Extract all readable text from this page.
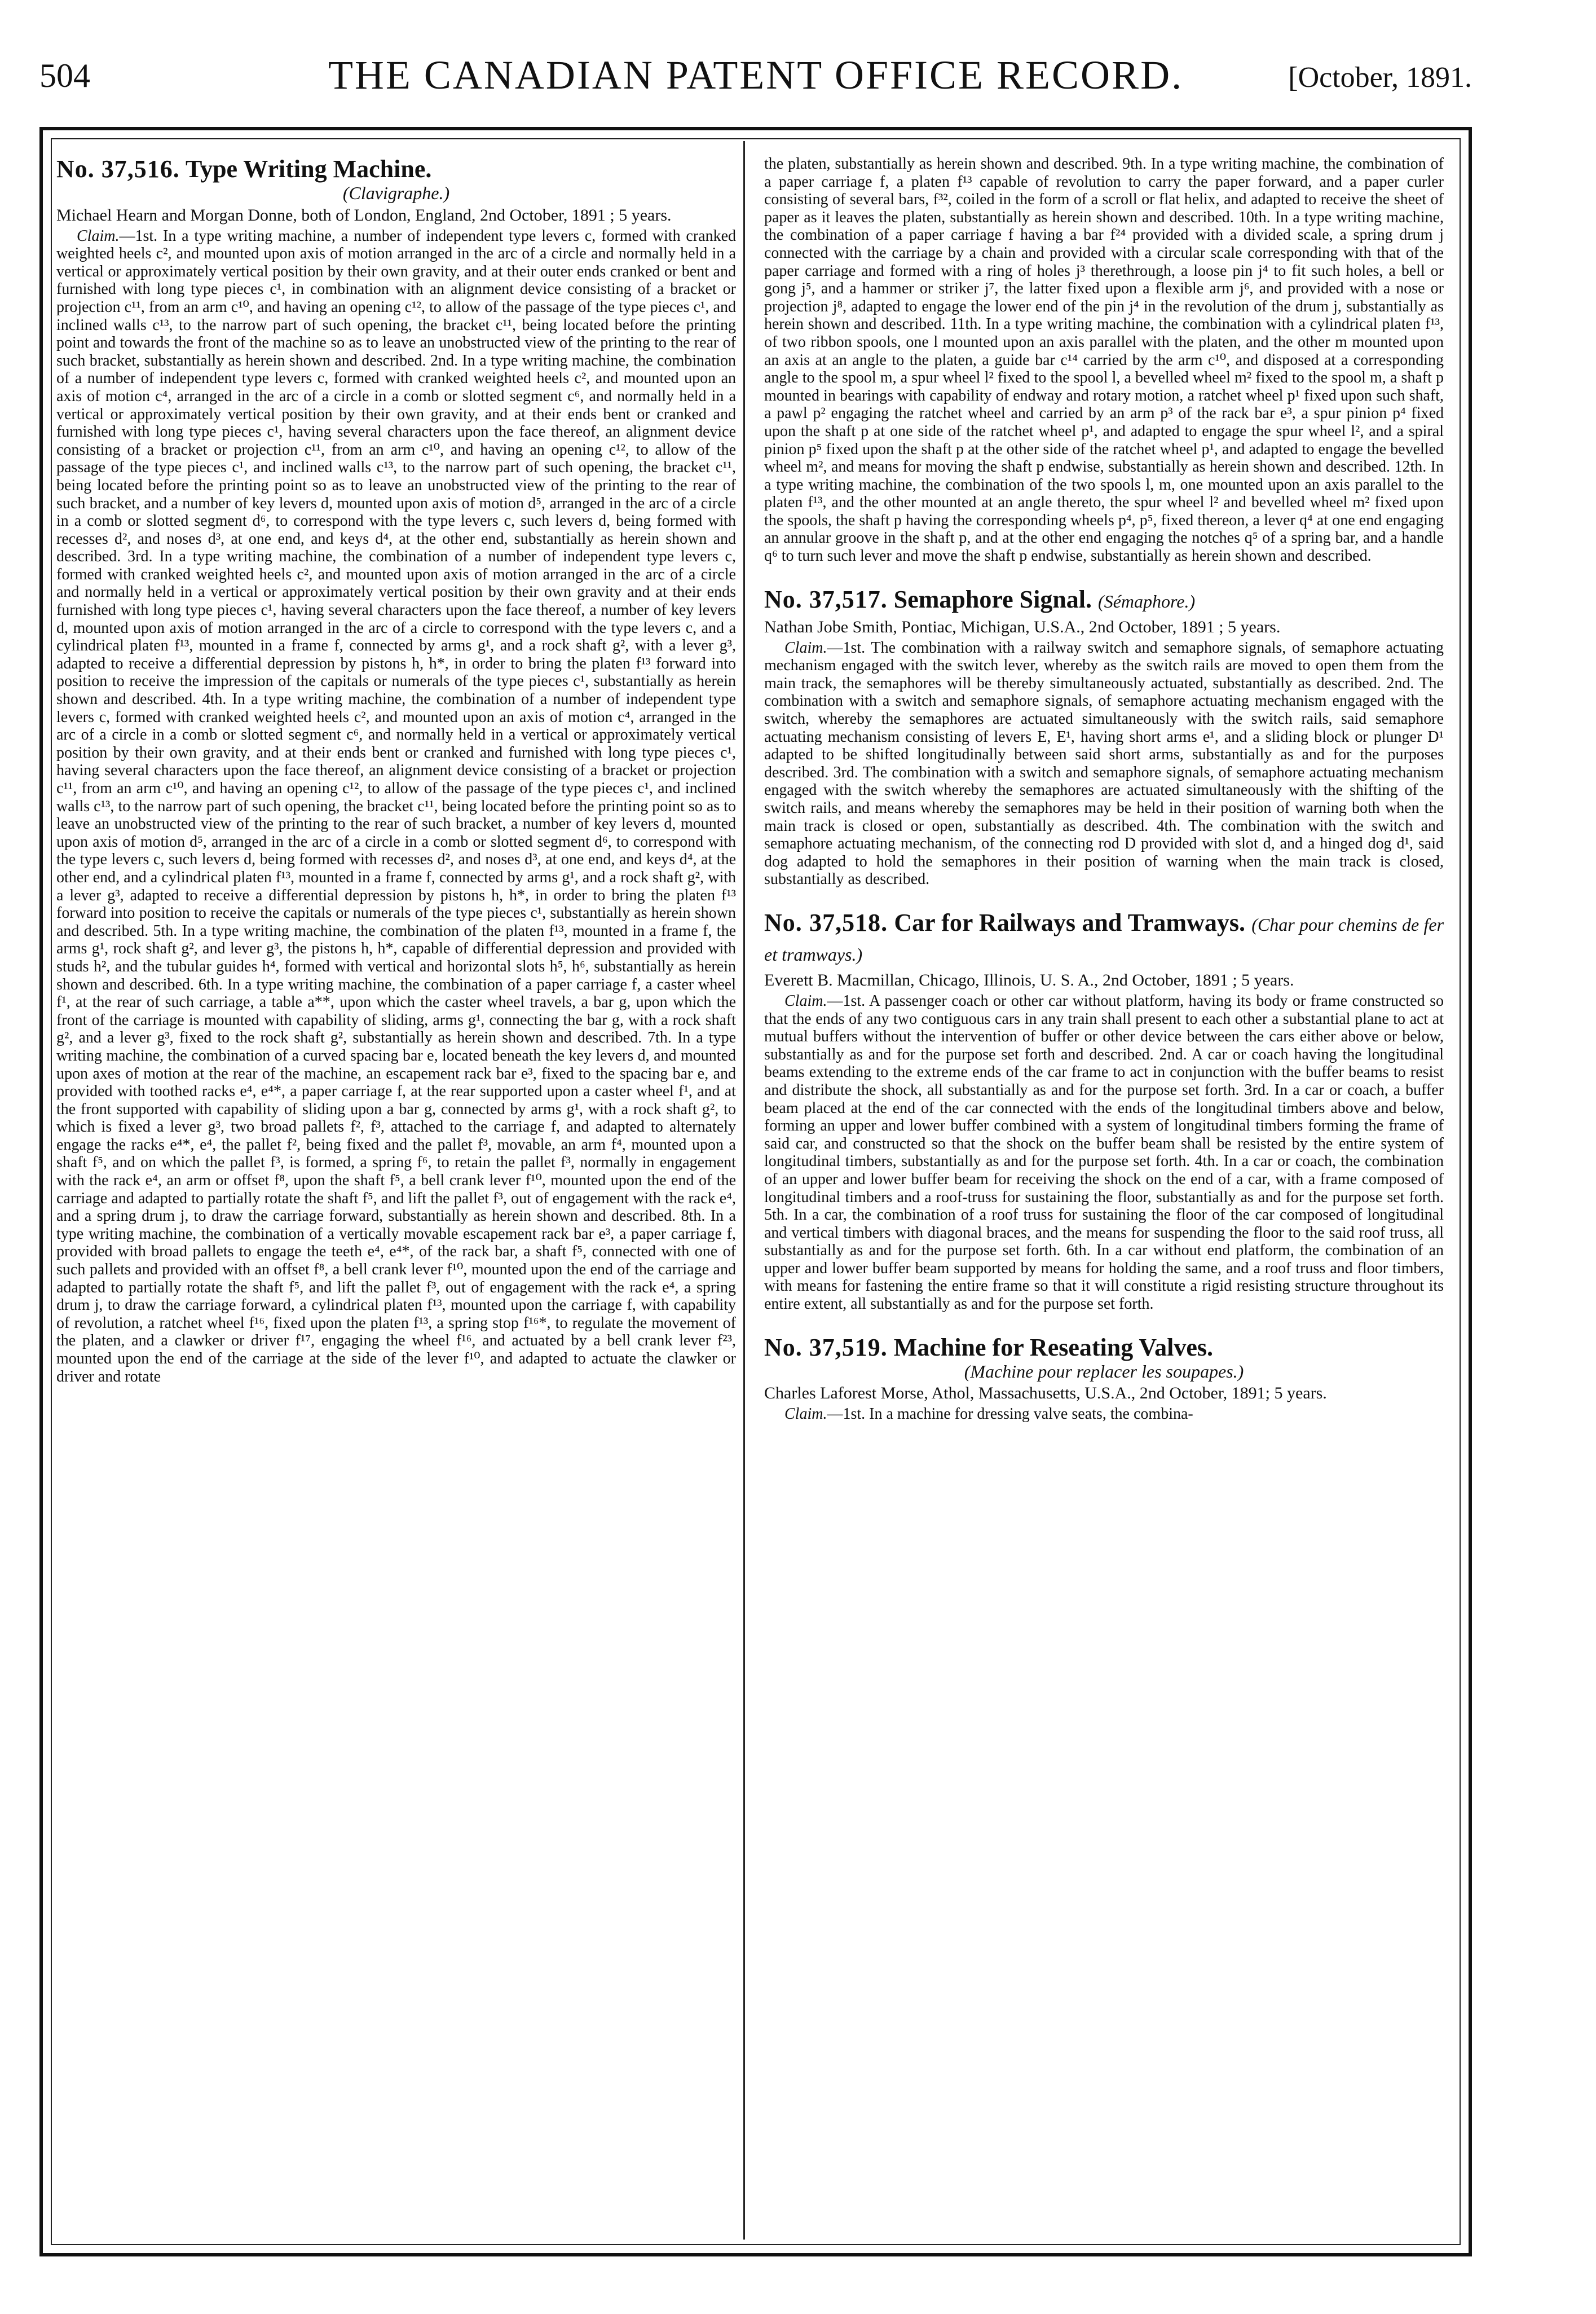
504	THE CANADIAN PATENT OFFICE RECORD.	[October, 1891.

No. 37,516. Type Writing Machine.

(Clavigraphe.)

Michael Hearn and Morgan Donne, both of London, England, 2nd October, 1891 ; 5 years.

Claim.—1st. In a type writing machine, a number of independent type levers c, formed with cranked weighted heels c², and mounted upon axis of motion arranged in the arc of a circle and normally held in a vertical or approximately vertical position by their own gravity, and at their outer ends cranked or bent and furnished with long type pieces c¹, in combination with an alignment device consisting of a bracket or projection c¹¹, from an arm c¹⁰, and having an opening c¹², to allow of the passage of the type pieces c¹, and inclined walls c¹³, to the narrow part of such opening, the bracket c¹¹, being located before the printing point and towards the front of the machine so as to leave an unobstructed view of the printing to the rear of such bracket, substantially as herein shown and described. 2nd. In a type writing machine, the combination of a number of independent type levers c, formed with cranked weighted heels c², and mounted upon an axis of motion c⁴, arranged in the arc of a circle in a comb or slotted segment c⁶, and normally held in a vertical or approximately vertical position by their own gravity, and at their ends bent or cranked and furnished with long type pieces c¹, having several characters upon the face thereof, an alignment device consisting of a bracket or projection c¹¹, from an arm c¹⁰, and having an opening c¹², to allow of the passage of the type pieces c¹, and inclined walls c¹³, to the narrow part of such opening, the bracket c¹¹, being located before the printing point so as to leave an unobstructed view of the printing to the rear of such bracket, and a number of key levers d, mounted upon axis of motion d⁵, arranged in the arc of a circle in a comb or slotted segment d⁶, to correspond with the type levers c, such levers d, being formed with recesses d², and noses d³, at one end, and keys d⁴, at the other end, substantially as herein shown and described. 3rd. In a type writing machine, the combination of a number of independent type levers c, formed with cranked weighted heels c², and mounted upon axis of motion arranged in the arc of a circle and normally held in a vertical or approximately vertical position by their own gravity and at their ends furnished with long type pieces c¹, having several characters upon the face thereof, a number of key levers d, mounted upon axis of motion arranged in the arc of a circle to correspond with the type levers c, and a cylindrical platen f¹³, mounted in a frame f, connected by arms g¹, and a rock shaft g², with a lever g³, adapted to receive a differential depression by pistons h, h*, in order to bring the platen f¹³ forward into position to receive the impression of the capitals or numerals of the type pieces c¹, substantially as herein shown and described. 4th. In a type writing machine, the combination of a number of independent type levers c, formed with cranked weighted heels c², and mounted upon an axis of motion c⁴, arranged in the arc of a circle in a comb or slotted segment c⁶, and normally held in a vertical or approximately vertical position by their own gravity, and at their ends bent or cranked and furnished with long type pieces c¹, having several characters upon the face thereof, an alignment device consisting of a bracket or projection c¹¹, from an arm c¹⁰, and having an opening c¹², to allow of the passage of the type pieces c¹, and inclined walls c¹³, to the narrow part of such opening, the bracket c¹¹, being located before the printing point so as to leave an unobstructed view of the printing to the rear of such bracket, a number of key levers d, mounted upon axis of motion d⁵, arranged in the arc of a circle in a comb or slotted segment d⁶, to correspond with the type levers c, such levers d, being formed with recesses d², and noses d³, at one end, and keys d⁴, at the other end, and a cylindrical platen f¹³, mounted in a frame f, connected by arms g¹, and a rock shaft g², with a lever g³, adapted to receive a differential depression by pistons h, h*, in order to bring the platen f¹³ forward into position to receive the capitals or numerals of the type pieces c¹, substantially as herein shown and described. 5th. In a type writing machine, the combination of the platen f¹³, mounted in a frame f, the arms g¹, rock shaft g², and lever g³, the pistons h, h*, capable of differential depression and provided with studs h², and the tubular guides h⁴, formed with vertical and horizontal slots h⁵, h⁶, substantially as herein shown and described. 6th. In a type writing machine, the combination of a paper carriage f, a caster wheel f¹, at the rear of such carriage, a table a**, upon which the caster wheel travels, a bar g, upon which the front of the carriage is mounted with capability of sliding, arms g¹, connecting the bar g, with a rock shaft g², and a lever g³, fixed to the rock shaft g², substantially as herein shown and described. 7th. In a type writing machine, the combination of a curved spacing bar e, located beneath the key levers d, and mounted upon axes of motion at the rear of the machine, an escapement rack bar e³, fixed to the spacing bar e, and provided with toothed racks e⁴, e⁴*, a paper carriage f, at the rear supported upon a caster wheel f¹, and at the front supported with capability of sliding upon a bar g, connected by arms g¹, with a rock shaft g², to which is fixed a lever g³, two broad pallets f², f³, attached to the carriage f, and adapted to alternately engage the racks e⁴*, e⁴, the pallet f², being fixed and the pallet f³, movable, an arm f⁴, mounted upon a shaft f⁵, and on which the pallet f³, is formed, a spring f⁶, to retain the pallet f³, normally in engagement with the rack e⁴, an arm or offset f⁸, upon the shaft f⁵, a bell crank lever f¹⁰, mounted upon the end of the carriage and adapted to partially rotate the shaft f⁵, and lift the pallet f³, out of engagement with the rack e⁴, and a spring drum j, to draw the carriage forward, substantially as herein shown and described. 8th. In a type writing machine, the combination of a vertically movable escapement rack bar e³, a paper carriage f, provided with broad pallets to engage the teeth e⁴, e⁴*, of the rack bar, a shaft f⁵, connected with one of such pallets and provided with an offset f⁸, a bell crank lever f¹⁰, mounted upon the end of the carriage and adapted to partially rotate the shaft f⁵, and lift the pallet f³, out of engagement with the rack e⁴, a spring drum j, to draw the carriage forward, a cylindrical platen f¹³, mounted upon the carriage f, with capability of revolution, a ratchet wheel f¹⁶, fixed upon the platen f¹³, a spring stop f¹⁶*, to regulate the movement of the platen, and a clawker or driver f¹⁷, engaging the wheel f¹⁶, and actuated by a bell crank lever f²³, mounted upon the end of the carriage at the side of the lever f¹⁰, and adapted to actuate the clawker or driver and rotate

the platen, substantially as herein shown and described. 9th. In a type writing machine, the combination of a paper carriage f, a platen f¹³ capable of revolution to carry the paper forward, and a paper curler consisting of several bars, f³², coiled in the form of a scroll or flat helix, and adapted to receive the sheet of paper as it leaves the platen, substantially as herein shown and described. 10th. In a type writing machine, the combination of a paper carriage f having a bar f²⁴ provided with a divided scale, a spring drum j connected with the carriage by a chain and provided with a circular scale corresponding with that of the paper carriage and formed with a ring of holes j³ therethrough, a loose pin j⁴ to fit such holes, a bell or gong j⁵, and a hammer or striker j⁷, the latter fixed upon a flexible arm j⁶, and provided with a nose or projection j⁸, adapted to engage the lower end of the pin j⁴ in the revolution of the drum j, substantially as herein shown and described. 11th. In a type writing machine, the combination with a cylindrical platen f¹³, of two ribbon spools, one l mounted upon an axis parallel with the platen, and the other m mounted upon an axis at an angle to the platen, a guide bar c¹⁴ carried by the arm c¹⁰, and disposed at a corresponding angle to the spool m, a spur wheel l² fixed to the spool l, a bevelled wheel m² fixed to the spool m, a shaft p mounted in bearings with capability of endway and rotary motion, a ratchet wheel p¹ fixed upon such shaft, a pawl p² engaging the ratchet wheel and carried by an arm p³ of the rack bar e³, a spur pinion p⁴ fixed upon the shaft p at one side of the ratchet wheel p¹, and adapted to engage the spur wheel l², and a spiral pinion p⁵ fixed upon the shaft p at the other side of the ratchet wheel p¹, and adapted to engage the bevelled wheel m², and means for moving the shaft p endwise, substantially as herein shown and described. 12th. In a type writing machine, the combination of the two spools l, m, one mounted upon an axis parallel to the platen f¹³, and the other mounted at an angle thereto, the spur wheel l² and bevelled wheel m² fixed upon the spools, the shaft p having the corresponding wheels p⁴, p⁵, fixed thereon, a lever q⁴ at one end engaging an annular groove in the shaft p, and at the other end engaging the notches q⁵ of a spring bar, and a handle q⁶ to turn such lever and move the shaft p endwise, substantially as herein shown and described.

No. 37,517. Semaphore Signal. (Sémaphore.)

Nathan Jobe Smith, Pontiac, Michigan, U.S.A., 2nd October, 1891 ; 5 years.

Claim.—1st. The combination with a railway switch and semaphore signals, of semaphore actuating mechanism engaged with the switch lever, whereby as the switch rails are moved to open them from the main track, the semaphores will be thereby simultaneously actuated, substantially as described. 2nd. The combination with a switch and semaphore signals, of semaphore actuating mechanism engaged with the switch, whereby the semaphores are actuated simultaneously with the switch rails, said semaphore actuating mechanism consisting of levers E, E¹, having short arms e¹, and a sliding block or plunger D¹ adapted to be shifted longitudinally between said short arms, substantially as and for the purposes described. 3rd. The combination with a switch and semaphore signals, of semaphore actuating mechanism engaged with the switch whereby the semaphores are actuated simultaneously with the shifting of the switch rails, and means whereby the semaphores may be held in their position of warning both when the main track is closed or open, substantially as described. 4th. The combination with the switch and semaphore actuating mechanism, of the connecting rod D provided with slot d, and a hinged dog d¹, said dog adapted to hold the semaphores in their position of warning when the main track is closed, substantially as described.

No. 37,518. Car for Railways and Tramways. (Char pour chemins de fer et tramways.)

Everett B. Macmillan, Chicago, Illinois, U. S. A., 2nd October, 1891 ; 5 years.

Claim.—1st. A passenger coach or other car without platform, having its body or frame constructed so that the ends of any two contiguous cars in any train shall present to each other a substantial plane to act at mutual buffers without the intervention of buffer or other device between the cars either above or below, substantially as and for the purpose set forth and described. 2nd. A car or coach having the longitudinal beams extending to the extreme ends of the car frame to act in conjunction with the buffer beams to resist and distribute the shock, all substantially as and for the purpose set forth. 3rd. In a car or coach, a buffer beam placed at the end of the car connected with the ends of the longitudinal timbers above and below, forming an upper and lower buffer combined with a system of longitudinal timbers forming the frame of said car, and constructed so that the shock on the buffer beam shall be resisted by the entire system of longitudinal timbers, substantially as and for the purpose set forth. 4th. In a car or coach, the combination of an upper and lower buffer beam for receiving the shock on the end of a car, with a frame composed of longitudinal timbers and a roof-truss for sustaining the floor, substantially as and for the purpose set forth. 5th. In a car, the combination of a roof truss for sustaining the floor of the car composed of longitudinal and vertical timbers with diagonal braces, and the means for suspending the floor to the said roof truss, all substantially as and for the purpose set forth. 6th. In a car without end platform, the combination of an upper and lower buffer beam supported by means for holding the same, and a roof truss and floor timbers, with means for fastening the entire frame so that it will constitute a rigid resisting structure throughout its entire extent, all substantially as and for the purpose set forth.

No. 37,519. Machine for Reseating Valves.

(Machine pour replacer les soupapes.)

Charles Laforest Morse, Athol, Massachusetts, U.S.A., 2nd October, 1891; 5 years.

Claim.—1st. In a machine for dressing valve seats, the combina-
